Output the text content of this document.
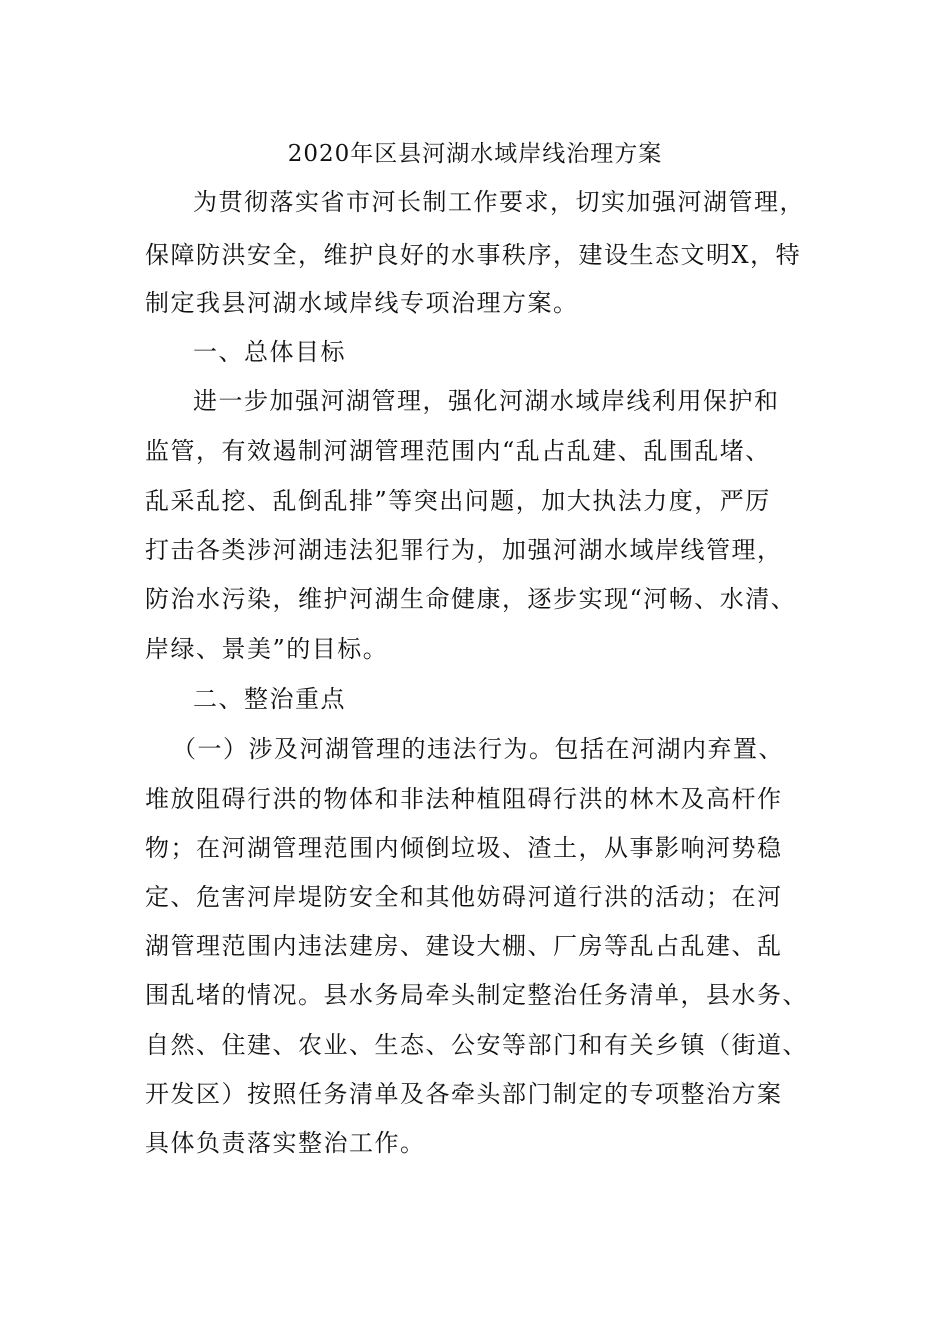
2020年区县河湖水域岸线治理方案
为贯彻落实省市河长制工作要求，切实加强河湖管理，
保障防洪安全，维护良好的水事秩序，建设生态文明X，特
制定我县河湖水域岸线专项治理方案。
一、总体目标
进一步加强河湖管理，强化河湖水域岸线利用保护和
监管，有效遏制河湖管理范围内“乱占乱建、乱围乱堵、
乱采乱挖、乱倒乱排”等突出问题，加大执法力度，严厉
打击各类涉河湖违法犯罪行为，加强河湖水域岸线管理，
防治水污染，维护河湖生命健康，逐步实现“河畅、水清、
岸绿、景美”的目标。
二、整治重点
（一）涉及河湖管理的违法行为。包括在河湖内弃置、
堆放阻碍行洪的物体和非法种植阻碍行洪的林木及高杆作
物；在河湖管理范围内倾倒垃圾、渣土，从事影响河势稳
定、危害河岸堤防安全和其他妨碍河道行洪的活动；在河
湖管理范围内违法建房、建设大棚、厂房等乱占乱建、乱
围乱堵的情况。县水务局牵头制定整治任务清单，县水务、
自然、住建、农业、生态、公安等部门和有关乡镇（街道、
开发区）按照任务清单及各牵头部门制定的专项整治方案
具体负责落实整治工作。
